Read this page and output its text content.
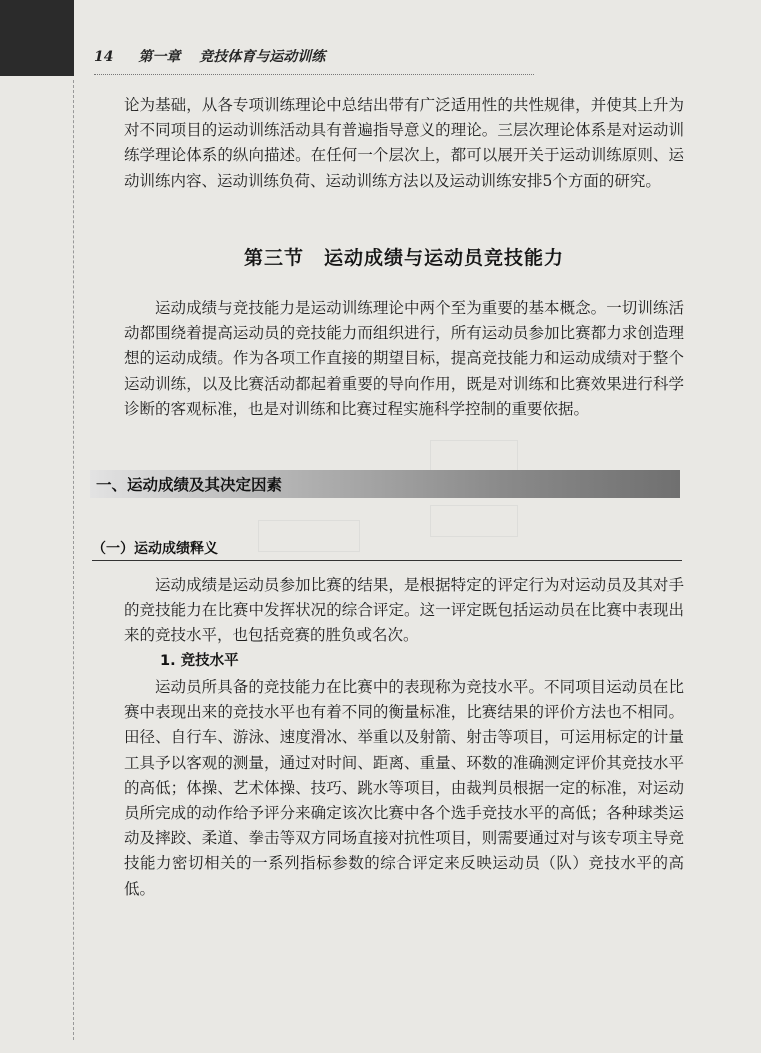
14 第一章 竞技体育与运动训练

论为基础，从各专项训练理论中总结出带有广泛适用性的共性规律，并使其上升为对不同项目的运动训练活动具有普遍指导意义的理论。三层次理论体系是对运动训练学理论体系的纵向描述。在任何一个层次上，都可以展开关于运动训练原则、运动训练内容、运动训练负荷、运动训练方法以及运动训练安排5个方面的研究。

第三节　运动成绩与运动员竞技能力

运动成绩与竞技能力是运动训练理论中两个至为重要的基本概念。一切训练活动都围绕着提高运动员的竞技能力而组织进行，所有运动员参加比赛都力求创造理想的运动成绩。作为各项工作直接的期望目标，提高竞技能力和运动成绩对于整个运动训练，以及比赛活动都起着重要的导向作用，既是对训练和比赛效果进行科学诊断的客观标准，也是对训练和比赛过程实施科学控制的重要依据。

一、运动成绩及其决定因素
（一）运动成绩释义

运动成绩是运动员参加比赛的结果，是根据特定的评定行为对运动员及其对手的竞技能力在比赛中发挥状况的综合评定。这一评定既包括运动员在比赛中表现出来的竞技水平，也包括竞赛的胜负或名次。

1. 竞技水平

运动员所具备的竞技能力在比赛中的表现称为竞技水平。不同项目运动员在比赛中表现出来的竞技水平也有着不同的衡量标准，比赛结果的评价方法也不相同。田径、自行车、游泳、速度滑冰、举重以及射箭、射击等项目，可运用标定的计量工具予以客观的测量，通过对时间、距离、重量、环数的准确测定评价其竞技水平的高低；体操、艺术体操、技巧、跳水等项目，由裁判员根据一定的标准，对运动员所完成的动作给予评分来确定该次比赛中各个选手竞技水平的高低；各种球类运动及摔跤、柔道、拳击等双方同场直接对抗性项目，则需要通过对与该专项主导竞技能力密切相关的一系列指标参数的综合评定来反映运动员（队）竞技水平的高低。
